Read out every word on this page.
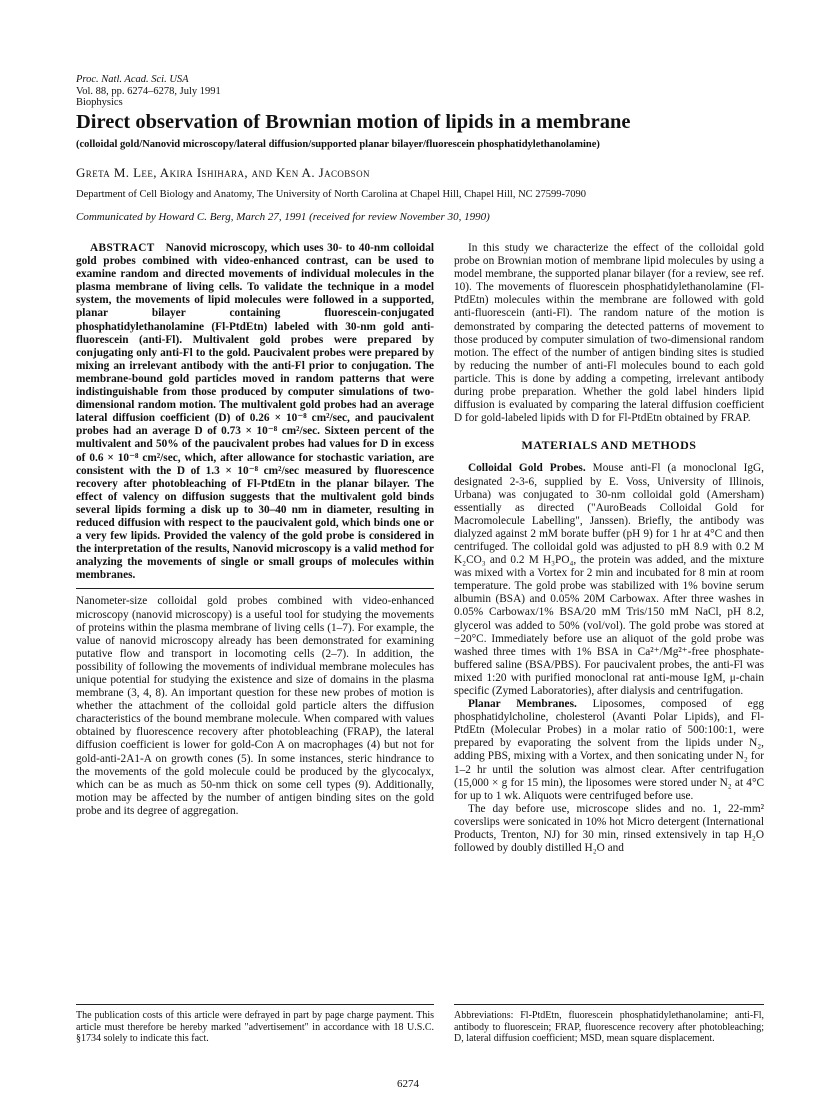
Proc. Natl. Acad. Sci. USA
Vol. 88, pp. 6274–6278, July 1991
Biophysics
Direct observation of Brownian motion of lipids in a membrane
(colloidal gold/Nanovid microscopy/lateral diffusion/supported planar bilayer/fluorescein phosphatidylethanolamine)
Greta M. Lee, Akira Ishihara, and Ken A. Jacobson
Department of Cell Biology and Anatomy, The University of North Carolina at Chapel Hill, Chapel Hill, NC 27599-7090
Communicated by Howard C. Berg, March 27, 1991 (received for review November 30, 1990)

ABSTRACT Nanovid microscopy, which uses 30- to 40-nm colloidal gold probes combined with video-enhanced contrast, can be used to examine random and directed movements of individual molecules in the plasma membrane of living cells. To validate the technique in a model system, the movements of lipid molecules were followed in a supported, planar bilayer containing fluorescein-conjugated phosphatidylethanolamine (Fl-PtdEtn) labeled with 30-nm gold anti-fluorescein (anti-Fl). Multivalent gold probes were prepared by conjugating only anti-Fl to the gold. Paucivalent probes were prepared by mixing an irrelevant antibody with the anti-Fl prior to conjugation. The membrane-bound gold particles moved in random patterns that were indistinguishable from those produced by computer simulations of two-dimensional random motion. The multivalent gold probes had an average lateral diffusion coefficient (D) of 0.26 × 10⁻⁸ cm²/sec, and paucivalent probes had an average D of 0.73 × 10⁻⁸ cm²/sec. Sixteen percent of the multivalent and 50% of the paucivalent probes had values for D in excess of 0.6 × 10⁻⁸ cm²/sec, which, after allowance for stochastic variation, are consistent with the D of 1.3 × 10⁻⁸ cm²/sec measured by fluorescence recovery after photobleaching of Fl-PtdEtn in the planar bilayer. The effect of valency on diffusion suggests that the multivalent gold binds several lipids forming a disk up to 30–40 nm in diameter, resulting in reduced diffusion with respect to the paucivalent gold, which binds one or a very few lipids. Provided the valency of the gold probe is considered in the interpretation of the results, Nanovid microscopy is a valid method for analyzing the movements of single or small groups of molecules within membranes.

Nanometer-size colloidal gold probes combined with video-enhanced microscopy (nanovid microscopy) is a useful tool for studying the movements of proteins within the plasma membrane of living cells (1–7). For example, the value of nanovid microscopy already has been demonstrated for examining putative flow and transport in locomoting cells (2–7). In addition, the possibility of following the movements of individual membrane molecules has unique potential for studying the existence and size of domains in the plasma membrane (3, 4, 8). An important question for these new probes of motion is whether the attachment of the colloidal gold particle alters the diffusion characteristics of the bound membrane molecule. When compared with values obtained by fluorescence recovery after photobleaching (FRAP), the lateral diffusion coefficient is lower for gold-Con A on macrophages (4) but not for gold-anti-2A1-A on growth cones (5). In some instances, steric hindrance to the movements of the gold molecule could be produced by the glycocalyx, which can be as much as 50-nm thick on some cell types (9). Additionally, motion may be affected by the number of antigen binding sites on the gold probe and its degree of aggregation.

In this study we characterize the effect of the colloidal gold probe on Brownian motion of membrane lipid molecules by using a model membrane, the supported planar bilayer (for a review, see ref. 10). The movements of fluorescein phosphatidylethanolamine (Fl-PtdEtn) molecules within the membrane are followed with gold anti-fluorescein (anti-Fl). The random nature of the motion is demonstrated by comparing the detected patterns of movement to those produced by computer simulation of two-dimensional random motion. The effect of the number of antigen binding sites is studied by reducing the number of anti-Fl molecules bound to each gold particle. This is done by adding a competing, irrelevant antibody during probe preparation. Whether the gold label hinders lipid diffusion is evaluated by comparing the lateral diffusion coefficient D for gold-labeled lipids with D for Fl-PtdEtn obtained by FRAP.

MATERIALS AND METHODS

Colloidal Gold Probes. Mouse anti-Fl (a monoclonal IgG, designated 2-3-6, supplied by E. Voss, University of Illinois, Urbana) was conjugated to 30-nm colloidal gold (Amersham) essentially as directed ("AuroBeads Colloidal Gold for Macromolecule Labelling", Janssen). Briefly, the antibody was dialyzed against 2 mM borate buffer (pH 9) for 1 hr at 4°C and then centrifuged. The colloidal gold was adjusted to pH 8.9 with 0.2 M K₂CO₃ and 0.2 M H₃PO₄, the protein was added, and the mixture was mixed with a Vortex for 2 min and incubated for 8 min at room temperature. The gold probe was stabilized with 1% bovine serum albumin (BSA) and 0.05% 20M Carbowax. After three washes in 0.05% Carbowax/1% BSA/20 mM Tris/150 mM NaCl, pH 8.2, glycerol was added to 50% (vol/vol). The gold probe was stored at −20°C. Immediately before use an aliquot of the gold probe was washed three times with 1% BSA in Ca²⁺/Mg²⁺-free phosphate-buffered saline (BSA/PBS). For paucivalent probes, the anti-Fl was mixed 1:20 with purified monoclonal rat anti-mouse IgM, μ-chain specific (Zymed Laboratories), after dialysis and centrifugation.

Planar Membranes. Liposomes, composed of egg phosphatidylcholine, cholesterol (Avanti Polar Lipids), and Fl-PtdEtn (Molecular Probes) in a molar ratio of 500:100:1, were prepared by evaporating the solvent from the lipids under N₂, adding PBS, mixing with a Vortex, and then sonicating under N₂ for 1–2 hr until the solution was almost clear. After centrifugation (15,000 × g for 15 min), the liposomes were stored under N₂ at 4°C for up to 1 wk. Aliquots were centrifuged before use.

The day before use, microscope slides and no. 1, 22-mm² coverslips were sonicated in 10% hot Micro detergent (International Products, Trenton, NJ) for 30 min, rinsed extensively in tap H₂O followed by doubly distilled H₂O and

The publication costs of this article were defrayed in part by page charge payment. This article must therefore be hereby marked "advertisement" in accordance with 18 U.S.C. §1734 solely to indicate this fact.

Abbreviations: Fl-PtdEtn, fluorescein phosphatidylethanolamine; anti-Fl, antibody to fluorescein; FRAP, fluorescence recovery after photobleaching; D, lateral diffusion coefficient; MSD, mean square displacement.

6274
